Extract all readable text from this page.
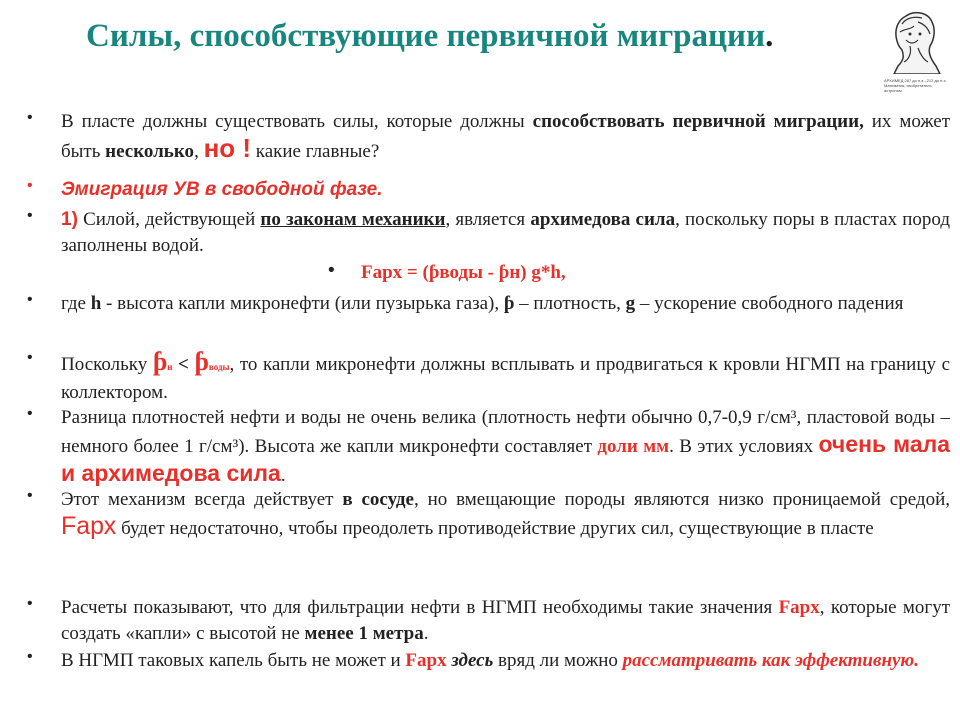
Силы, способствующие первичной миграции.
АРХИМЕД 287 до н.э.–212 до н.э. Математик, изобретатель, астроном
• В пласте должны существовать силы, которые должны способствовать первичной миграции, их может быть несколько, но ! какие главные?
• Эмиграция УВ в свободной фазе.
• 1) Силой, действующей по законам механики, является архимедова сила, поскольку поры в пластах пород заполнены водой.
• Fарх = (ƥводы - ƥн) g*h,
• где h - высота капли микронефти (или пузырька газа), ƥ – плотность, g – ускорение свободного падения
• Поскольку ƥн < ƥводы, то капли микронефти должны всплывать и продвигаться к кровли НГМП на границу с коллектором.
• Разница плотностей нефти и воды не очень велика (плотность нефти обычно 0,7-0,9 г/см³, пластовой воды – немного более 1 г/см³). Высота же капли микронефти составляет доли мм. В этих условиях очень мала и архимедова сила.
• Этот механизм всегда действует в сосуде, но вмещающие породы являются низко проницаемой средой, Fарх будет недостаточно, чтобы преодолеть противодействие других сил, существующие в пласте
• Расчеты показывают, что для фильтрации нефти в НГМП необходимы такие значения Fарх, которые могут создать «капли» с высотой не менее 1 метра.
• В НГМП таковых капель быть не может и Fарх здесь вряд ли можно рассматривать как эффективную.
